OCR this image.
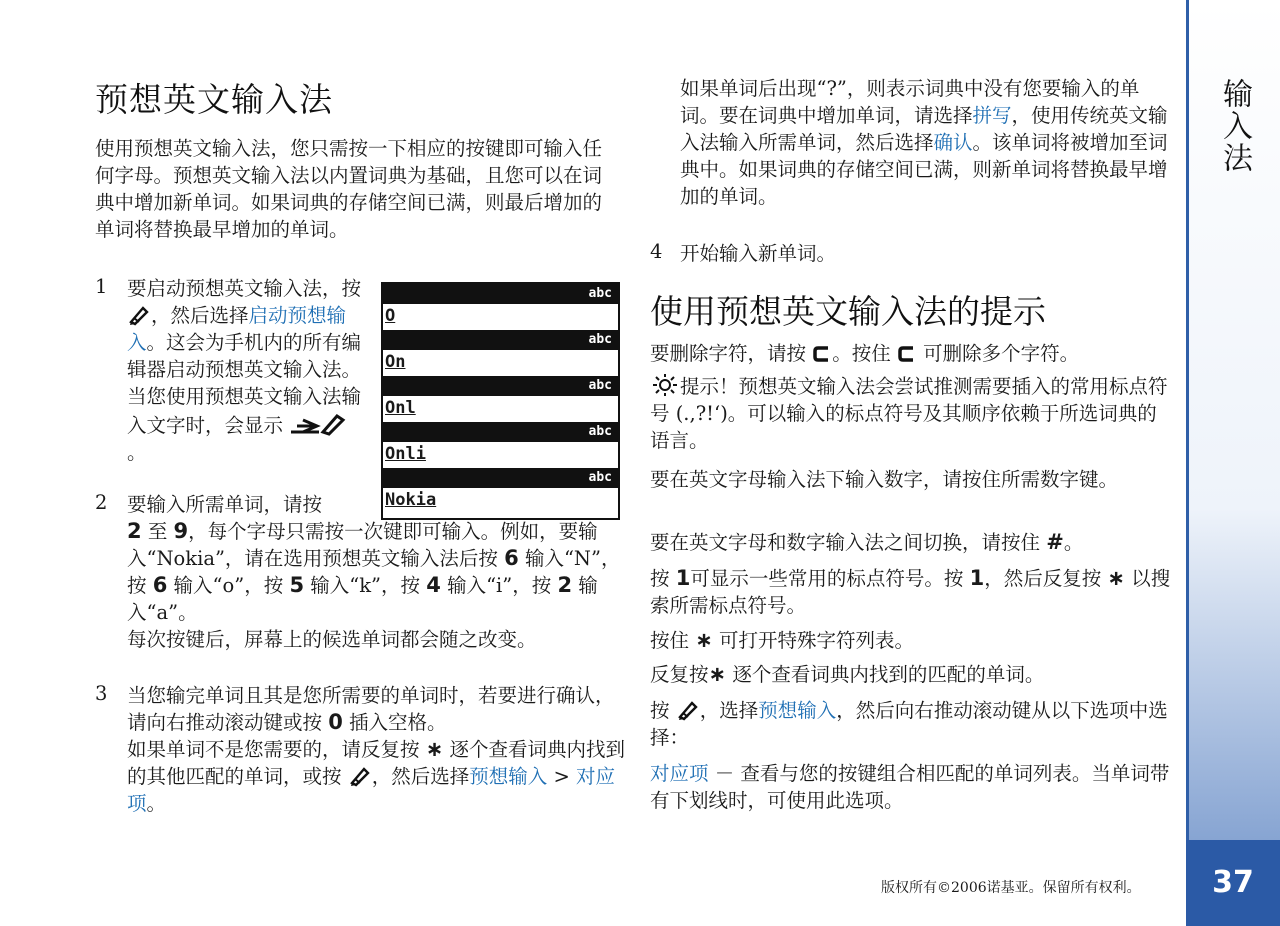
预想英文输入法
使用预想英文输入法，您只需按一下相应的按键即可输入任何字母。预想英文输入法以内置词典为基础，且您可以在词典中增加新单词。如果词典的存储空间已满，则最后增加的单词将替换最早增加的单词。
1 要启动预想英文输入法，按 ，然后选择启动预想输入。这会为手机内的所有编辑器启动预想英文输入法。当您使用预想英文输入法输入文字时，会显示 。
abc
O
abc
On
abc
Onl
abc
Onli
abc
Nokia
2 要输入所需单词，请按
2 至 9，每个字母只需按一次键即可输入。例如，要输入“Nokia”，请在选用预想英文输入法后按 6 输入“N”，按 6 输入“o”，按 5 输入“k”，按 4 输入“i”，按 2 输入“a”。
每次按键后，屏幕上的候选单词都会随之改变。
3 当您输完单词且其是您所需要的单词时，若要进行确认，请向右推动滚动键或按 0 插入空格。
如果单词不是您需要的，请反复按 ∗ 逐个查看词典内找到的其他匹配的单词，或按 ，然后选择预想输入 > 对应项。
如果单词后出现“?”，则表示词典中没有您要输入的单词。要在词典中增加单词，请选择拼写，使用传统英文输入法输入所需单词，然后选择确认。该单词将被增加至词典中。如果词典的存储空间已满，则新单词将替换最早增加的单词。
4 开始输入新单词。
使用预想英文输入法的提示
要删除字符，请按 。按住 可删除多个字符。
提示！预想英文输入法会尝试推测需要插入的常用标点符号 (.,?!‘)。可以输入的标点符号及其顺序依赖于所选词典的语言。
要在英文字母输入法下输入数字，请按住所需数字键。
要在英文字母和数字输入法之间切换，请按住 #。
按 1可显示一些常用的标点符号。按 1，然后反复按 ∗ 以搜索所需标点符号。
按住 ∗ 可打开特殊字符列表。
反复按∗ 逐个查看词典内找到的匹配的单词。
按 ，选择预想输入，然后向右推动滚动键从以下选项中选择：
对应项 － 查看与您的按键组合相匹配的单词列表。当单词带有下划线时，可使用此选项。
版权所有©2006诺基亚。保留所有权利。
输入法
37
